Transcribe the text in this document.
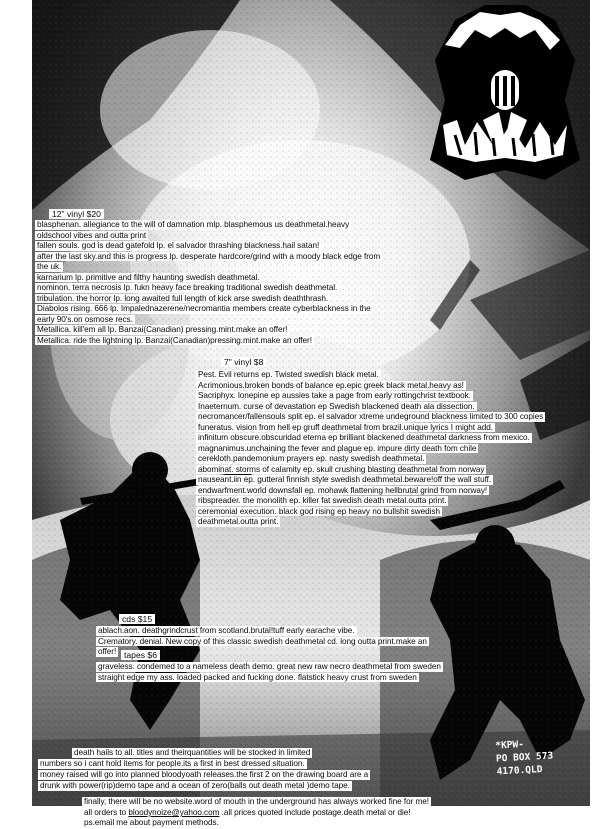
BLOODY OATH
12" vinyl $20
blasphenan. allegiance to the will of damnation mlp. blasphemous us deathmetal.heavy
oldschool vibes and outta print
fallen souls. god is dead gatefold lp. el salvador thrashing blackness.hail satan!
after the last sky.and this is progress lp. desperate hardcore/grind with a moody black edge from
the uk.
karnarium lp. primitive and filthy haunting swedish deathmetal.
nominon. terra necrosis lp. fukn heavy face breaking traditional swedish deathmetal.
tribulation. the horror lp. long awaited full length of kick arse swedish deaththrash.
Diabolos rising. 666 lp. Impalednazerene/necromantia members create cyberblackness in the
early 90's.on osmose recs.
Metallica. kill'em all lp. Banzai(Canadian) pressing.mint.make an offer!
Metallica. ride the lightning lp. Banzai(Canadian)pressing.mint.make an offer!
7" vinyl $8
Pest. Evil returns ep. Twisted swedish black metal.
Acrimonious.broken bonds of balance ep.epic greek black metal.heavy as!
Sacriphyx. lonepine ep aussies take a page from early rottingchrist textbook.
Inaeternum. curse of devastation ep Swedish blackened death ala dissection.
necromancer/fallensouls split ep. el salvador xtreme undeground blackness limited to 300 copies
funeratus. vision from hell ep gruff deathmetal from brazil.unique lyrics I might add.
infinitum obscure.obscuridad eterna ep brilliant blackened deathmetal darkness from mexico.
magnanimus.unchaining the fever and plague ep. impure dirty death fom chile
cerekloth.pandemonium prayers ep. nasty swedish deathmetal.
abominat. storms of calamity ep. skull crushing blasting deathmetal from norway
nauseant.iin ep. gutteral finnish style swedish deathmetal.beware!off the wall stuff.
endwarfment.world downsfall ep. mohawk flattening hellbrutal grind from norway!
ribspreader. the monolith ep. killer fat swedish death metal.outta print.
ceremonial execution. black god rising ep heavy no bullshit swedish
deathmetal.outta print.
cds $15
ablach.aon. deathgrindcrust from scotland.brutal!tuff early earache vibe.
Crematory. denial. New copy of this classic swedish deathmetal cd. long outta print.make an
offer! tapes $6
graveless. condemed to a nameless death demo. great new raw necro deathmetal from sweden
straight edge my ass. loaded packed and fucking done. flatstick heavy crust from sweden
death hails to all. titles and theirquantities will be stocked in limited
numbers so i cant hold items for people.its a first in best dressed situation.
money raised will go into planned bloodyoath releases.the first 2 on the drawing board are a
drunk with power(rip)demo tape and a ocean of zero(balls out death metal )demo tape.
finally, there will be no website.word of mouth in the underground has always worked fine for me!
all orders to bloodynoize@yahoo.com .all prices quoted include postage.death metal or die!
ps.email me about payment methods.
*KPW-
PO BOX 573
4170.QLD
